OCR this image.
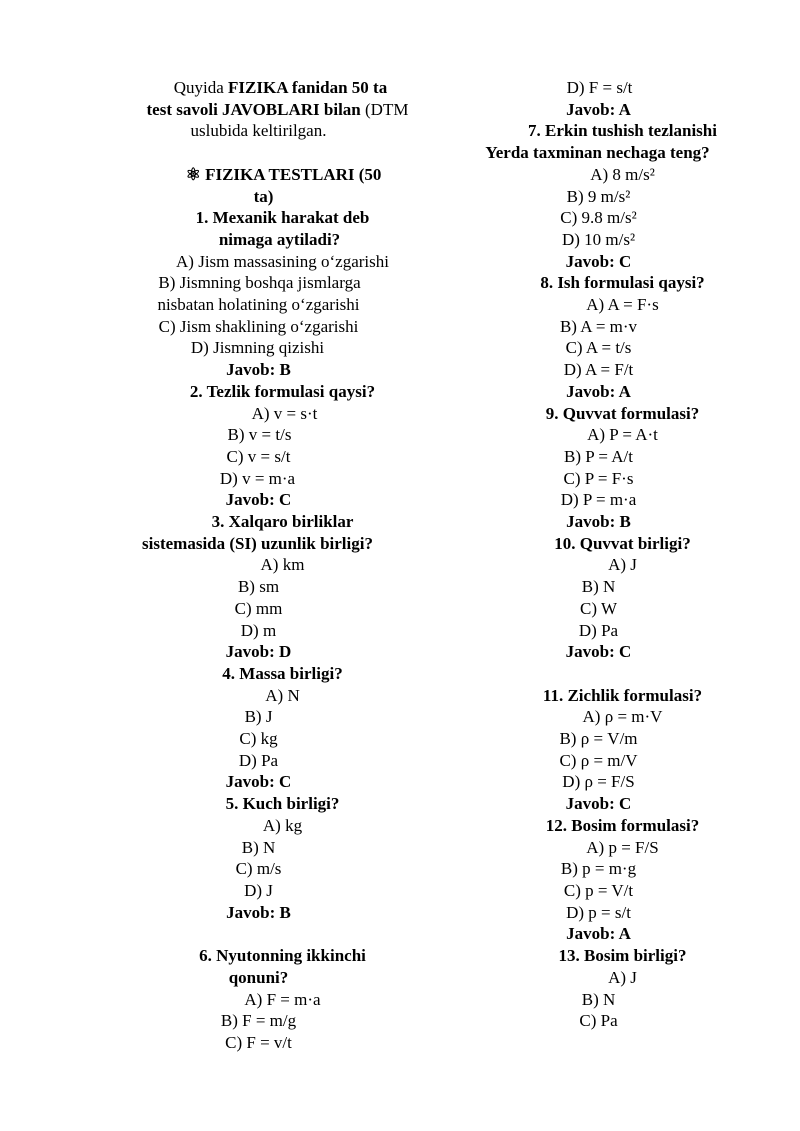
Quyida FIZIKA fanidan 50 ta
test savoli JAVOBLARI bilan (DTM
uslubida keltirilgan.
⚛ FIZIKA TESTLARI (50
ta)
1. Mexanik harakat deb
nimaga aytiladi?
A) Jism massasining o‘zgarishi
B) Jismning boshqa jismlarga
nisbatan holatining o‘zgarishi
C) Jism shaklining o‘zgarishi
D) Jismning qizishi
Javob: B
2. Tezlik formulasi qaysi?
A) v = s·t
B) v = t/s
C) v = s/t
D) v = m·a
Javob: C
3. Xalqaro birliklar
sistemasida (SI) uzunlik birligi?
A) km
B) sm
C) mm
D) m
Javob: D
4. Massa birligi?
A) N
B) J
C) kg
D) Pa
Javob: C
5. Kuch birligi?
A) kg
B) N
C) m/s
D) J
Javob: B
6. Nyutonning ikkinchi
qonuni?
A) F = m·a
B) F = m/g
C) F = v/t
D) F = s/t
Javob: A
7. Erkin tushish tezlanishi
Yerda taxminan nechaga teng?
A) 8 m/s²
B) 9 m/s²
C) 9.8 m/s²
D) 10 m/s²
Javob: C
8. Ish formulasi qaysi?
A) A = F·s
B) A = m·v
C) A = t/s
D) A = F/t
Javob: A
9. Quvvat formulasi?
A) P = A·t
B) P = A/t
C) P = F·s
D) P = m·a
Javob: B
10. Quvvat birligi?
A) J
B) N
C) W
D) Pa
Javob: C
11. Zichlik formulasi?
A) ρ = m·V
B) ρ = V/m
C) ρ = m/V
D) ρ = F/S
Javob: C
12. Bosim formulasi?
A) p = F/S
B) p = m·g
C) p = V/t
D) p = s/t
Javob: A
13. Bosim birligi?
A) J
B) N
C) Pa
